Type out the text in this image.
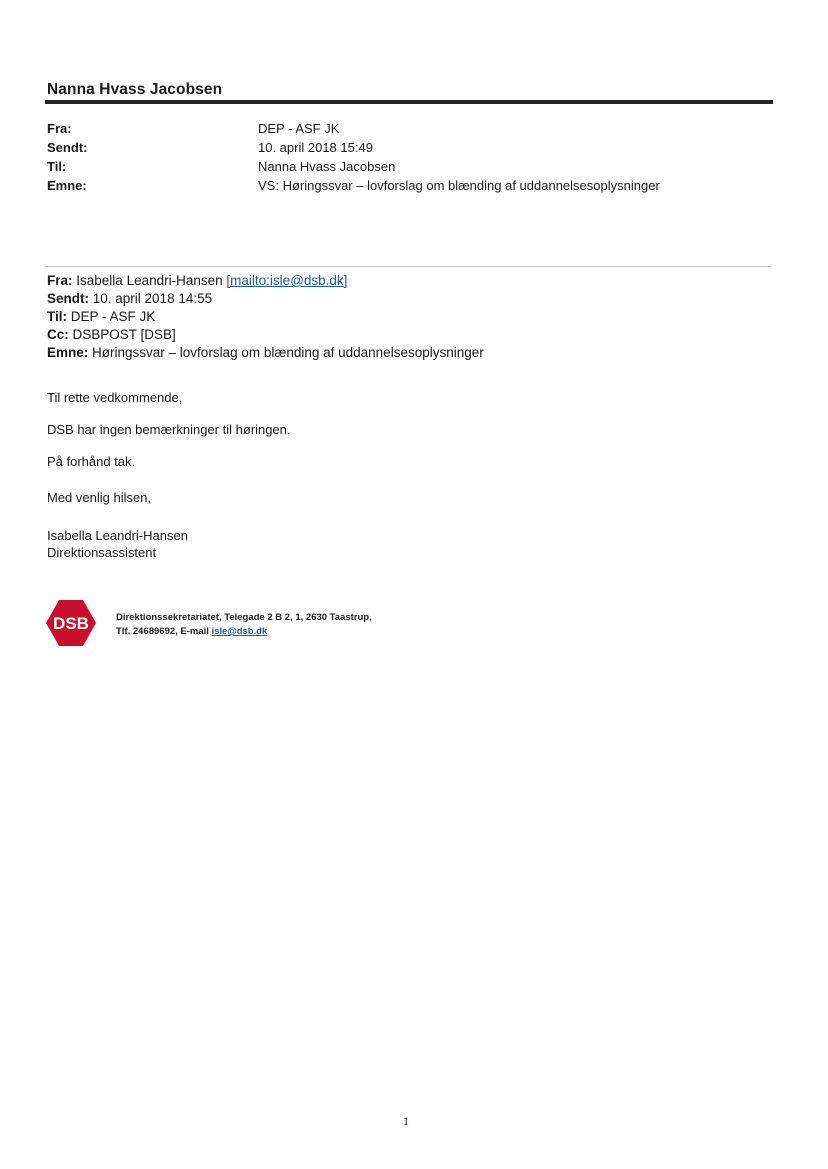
Nanna Hvass Jacobsen
Fra:	DEP - ASF JK
Sendt:	10. april 2018 15:49
Til:	Nanna Hvass Jacobsen
Emne:	VS: Høringssvar – lovforslag om blænding af uddannelsesoplysninger
Fra: Isabella Leandri-Hansen [mailto:isle@dsb.dk]
Sendt: 10. april 2018 14:55
Til: DEP - ASF JK
Cc: DSBPOST [DSB]
Emne: Høringssvar – lovforslag om blænding af uddannelsesoplysninger
Til rette vedkommende,
DSB har ingen bemærkninger til høringen.
På forhånd tak.
Med venlig hilsen,
Isabella Leandri-Hansen
Direktionsassistent
DSB	Direktionssekretariatet, Telegade 2 B 2, 1, 2630 Taastrup,
Tlf. 24689692, E-mail isle@dsb.dk
1
